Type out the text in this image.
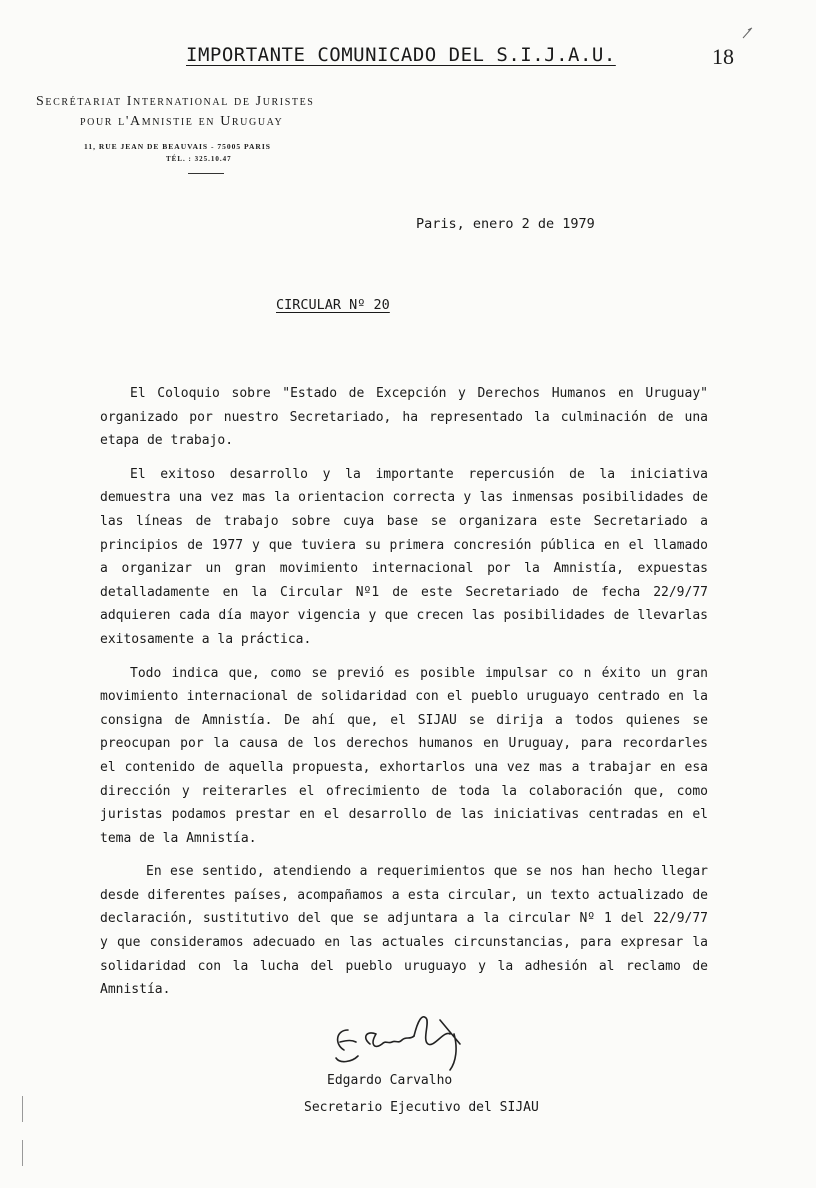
IMPORTANTE COMUNICADO DEL S.I.J.A.U.	18
Secrétariat International de Juristes
pour l'Amnistie en Uruguay
11, RUE JEAN DE BEAUVAIS - 75005 PARIS
TÉL. : 325.10.47
Paris, enero 2 de 1979
CIRCULAR Nº 20

El Coloquio sobre "Estado de Excepción y Derechos Humanos en Uruguay" organizado por nuestro Secretariado, ha representado la culminación de una etapa de trabajo.

El exitoso desarrollo y la importante repercusión de la iniciativa demuestra una vez mas la orientacion correcta y las inmensas posibilidades de las líneas de trabajo sobre cuya base se organizara este Secretariado a principios de 1977 y que tuviera su primera concresión pública en el llamado a organizar un gran movimiento internacional por la Amnistía, expuestas detalladamente en la Circular Nº1 de este Secretariado de fecha 22/9/77 adquieren cada día mayor vigencia y que crecen las posibilidades de llevarlas exitosamente a la práctica.

Todo indica que, como se previó es posible impulsar co n éxito un gran movimiento internacional de solidaridad con el pueblo uruguayo centrado en la consigna de Amnistía. De ahí que, el SIJAU se dirija a todos quienes se preocupan por la causa de los derechos humanos en Uruguay, para recordarles el contenido de aquella propuesta, exhortarlos una vez mas a trabajar en esa dirección y reiterarles el ofrecimiento de toda la colaboración que, como juristas podamos prestar en el desarrollo de las iniciativas centradas en el tema de la Amnistía.

En ese sentido, atendiendo a requerimientos que se nos han hecho llegar desde diferentes países, acompañamos a esta circular, un texto actualizado de declaración, sustitutivo del que se adjuntara a la circular Nº 1 del 22/9/77 y que consideramos adecuado en las actuales circunstancias, para expresar la solidaridad con la lucha del pueblo uruguayo y la adhesión al reclamo de Amnistía.

Edgardo Carvalho
Secretario Ejecutivo del SIJAU
